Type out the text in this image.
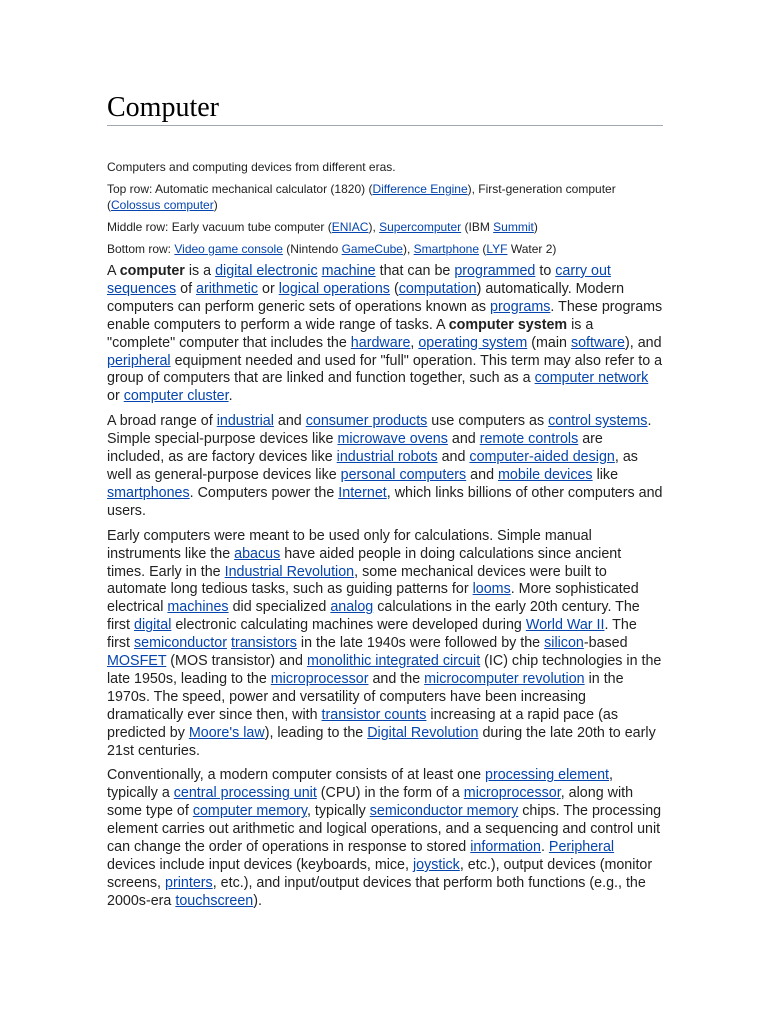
Computer

Computers and computing devices from different eras.

Top row: Automatic mechanical calculator (1820) (Difference Engine), First-generation computer
(Colossus computer)

Middle row: Early vacuum tube computer (ENIAC), Supercomputer (IBM Summit)

Bottom row: Video game console (Nintendo GameCube), Smartphone (LYF Water 2)

A computer is a digital electronic machine that can be programmed to carry out sequences of arithmetic or logical operations (computation) automatically. Modern computers can perform generic sets of operations known as programs. These programs enable computers to perform a wide range of tasks. A computer system is a "complete" computer that includes the hardware, operating system (main software), and peripheral equipment needed and used for "full" operation. This term may also refer to a group of computers that are linked and function together, such as a computer network or computer cluster.

A broad range of industrial and consumer products use computers as control systems. Simple special-purpose devices like microwave ovens and remote controls are included, as are factory devices like industrial robots and computer-aided design, as well as general-purpose devices like personal computers and mobile devices like smartphones. Computers power the Internet, which links billions of other computers and users.

Early computers were meant to be used only for calculations. Simple manual instruments like the abacus have aided people in doing calculations since ancient times. Early in the Industrial Revolution, some mechanical devices were built to automate long tedious tasks, such as guiding patterns for looms. More sophisticated electrical machines did specialized analog calculations in the early 20th century. The first digital electronic calculating machines were developed during World War II. The first semiconductor transistors in the late 1940s were followed by the silicon-based MOSFET (MOS transistor) and monolithic integrated circuit (IC) chip technologies in the late 1950s, leading to the microprocessor and the microcomputer revolution in the 1970s. The speed, power and versatility of computers have been increasing dramatically ever since then, with transistor counts increasing at a rapid pace (as predicted by Moore's law), leading to the Digital Revolution during the late 20th to early 21st centuries.

Conventionally, a modern computer consists of at least one processing element, typically a central processing unit (CPU) in the form of a microprocessor, along with some type of computer memory, typically semiconductor memory chips. The processing element carries out arithmetic and logical operations, and a sequencing and control unit can change the order of operations in response to stored information. Peripheral devices include input devices (keyboards, mice, joystick, etc.), output devices (monitor screens, printers, etc.), and input/output devices that perform both functions (e.g., the 2000s-era touchscreen).
